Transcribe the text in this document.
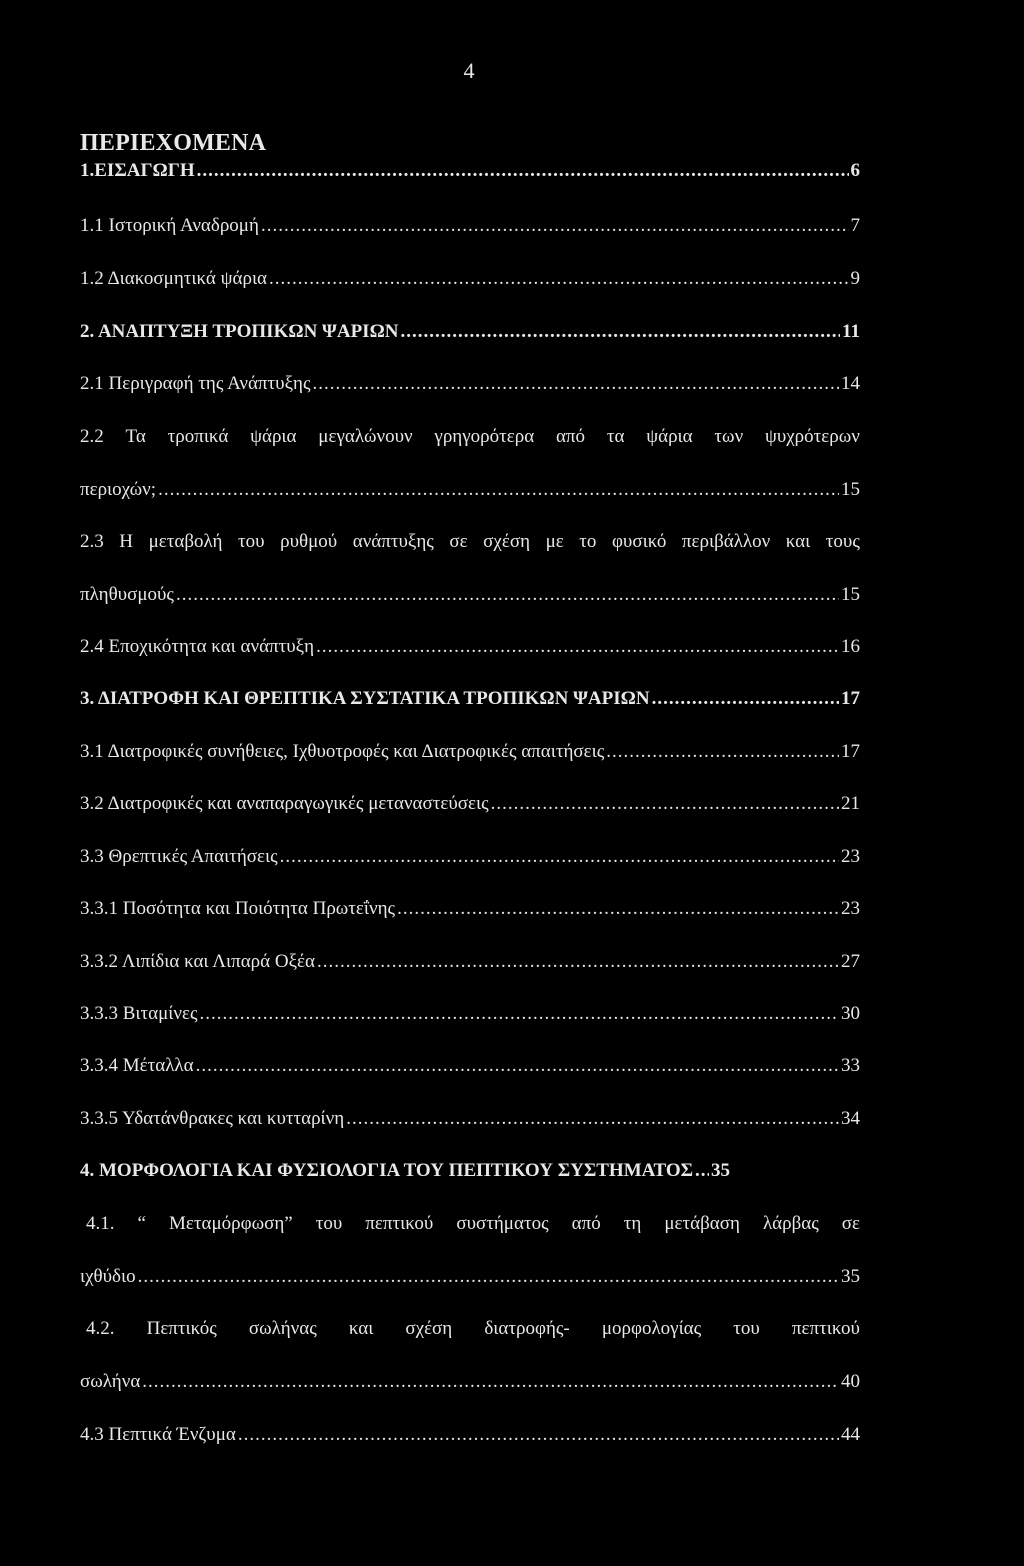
4
ΠΕΡΙΕΧΟΜΕΝΑ
1.ΕΙΣΑΓΩΓΗ .....	6
1.1 Ιστορική Αναδρομή .....	7
1.2 Διακοσμητικά ψάρια .....	9
2. ΑΝΑΠΤΥΞΗ ΤΡΟΠΙΚΩΝ ΨΑΡΙΩΝ .....	11
2.1 Περιγραφή της Ανάπτυξης .....	14
2.2 Τα τροπικά ψάρια μεγαλώνουν γρηγορότερα από τα ψάρια των ψυχρότερων
περιοχών; .....	15
2.3 Η μεταβολή του ρυθμού ανάπτυξης σε σχέση με το φυσικό περιβάλλον και τους
πληθυσμούς .....	15
2.4 Εποχικότητα και ανάπτυξη .....	16
3. ΔΙΑΤΡΟΦΗ ΚΑΙ ΘΡΕΠΤΙΚΑ ΣΥΣΤΑΤΙΚΑ ΤΡΟΠΙΚΩΝ ΨΑΡΙΩΝ .....	17
3.1 Διατροφικές συνήθειες, Ιχθυοτροφές και Διατροφικές απαιτήσεις .....	17
3.2 Διατροφικές και αναπαραγωγικές μεταναστεύσεις .....	21
3.3 Θρεπτικές Απαιτήσεις .....	23
3.3.1 Ποσότητα και Ποιότητα Πρωτεΐνης .....	23
3.3.2 Λιπίδια και Λιπαρά Οξέα .....	27
3.3.3 Βιταμίνες .....	30
3.3.4 Μέταλλα .....	33
3.3.5 Υδατάνθρακες και κυτταρίνη .....	34
4. ΜΟΡΦΟΛΟΓΙΑ ΚΑΙ ΦΥΣΙΟΛΟΓΙΑ ΤΟΥ ΠΕΠΤΙΚΟΥ ΣΥΣΤΗΜΑΤΟΣ ..... 35
4.1. “ Μεταμόρφωση” του πεπτικού συστήματος από τη μετάβαση λάρβας σε
ιχθύδιο .....	35
4.2. Πεπτικός σωλήνας και σχέση διατροφής- μορφολογίας του πεπτικού
σωλήνα .....	40
4.3 Πεπτικά Ένζυμα .....	44
